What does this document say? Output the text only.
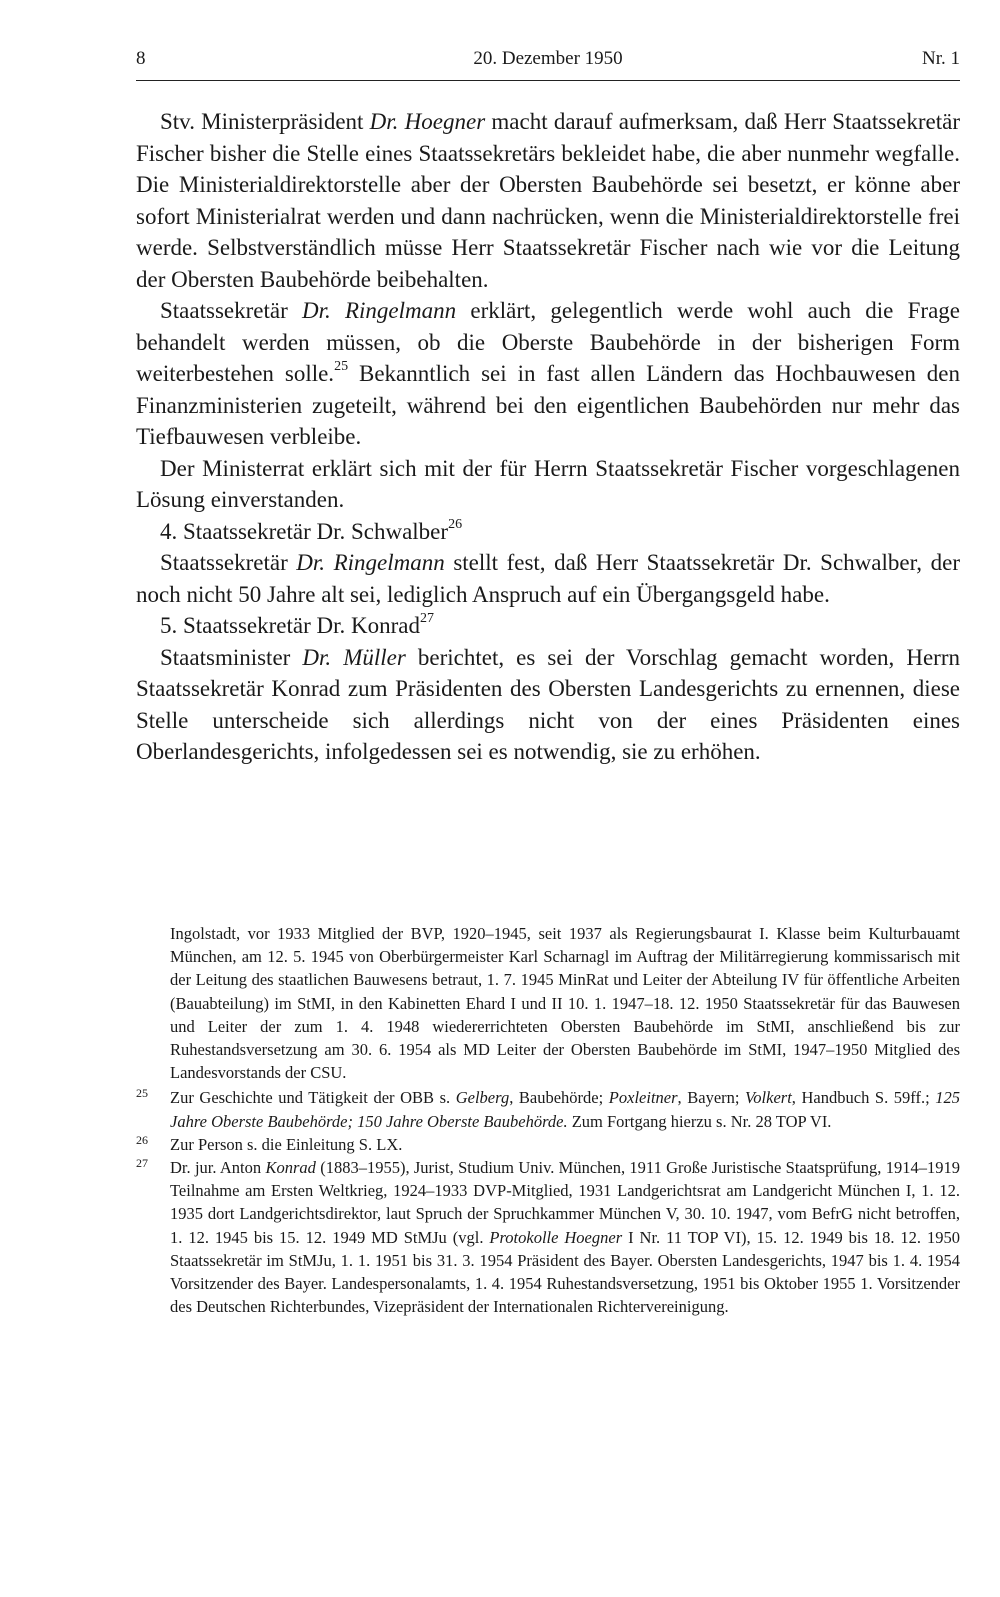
8	20. Dezember 1950	Nr. 1

Stv. Ministerpräsident Dr. Hoegner macht darauf aufmerksam, daß Herr Staatssekretär Fischer bisher die Stelle eines Staatssekretärs bekleidet habe, die aber nunmehr wegfalle. Die Ministerialdirektorstelle aber der Obersten Baubehörde sei besetzt, er könne aber sofort Ministerialrat werden und dann nachrücken, wenn die Ministerialdirektorstelle frei werde. Selbstverständlich müsse Herr Staatssekretär Fischer nach wie vor die Leitung der Obersten Baubehörde beibehalten.

Staatssekretär Dr. Ringelmann erklärt, gelegentlich werde wohl auch die Frage behandelt werden müssen, ob die Oberste Baubehörde in der bisherigen Form weiterbestehen solle.$^{25}$ Bekanntlich sei in fast allen Ländern das Hochbauwesen den Finanzministerien zugeteilt, während bei den eigentlichen Baubehörden nur mehr das Tiefbauwesen verbleibe.

Der Ministerrat erklärt sich mit der für Herrn Staatssekretär Fischer vorgeschlagenen Lösung einverstanden.

4. Staatssekretär Dr. Schwalber$^{26}$

Staatssekretär Dr. Ringelmann stellt fest, daß Herr Staatssekretär Dr. Schwalber, der noch nicht 50 Jahre alt sei, lediglich Anspruch auf ein Übergangsgeld habe.

5. Staatssekretär Dr. Konrad$^{27}$

Staatsminister Dr. Müller berichtet, es sei der Vorschlag gemacht worden, Herrn Staatssekretär Konrad zum Präsidenten des Obersten Landesgerichts zu ernennen, diese Stelle unterscheide sich allerdings nicht von der eines Präsidenten eines Oberlandesgerichts, infolgedessen sei es notwendig, sie zu erhöhen.

Ingolstadt, vor 1933 Mitglied der BVP, 1920–1945, seit 1937 als Regierungsbaurat I. Klasse beim Kulturbauamt München, am 12. 5. 1945 von Oberbürgermeister Karl Scharnagl im Auftrag der Militärregierung kommissarisch mit der Leitung des staatlichen Bauwesens betraut, 1. 7. 1945 MinRat und Leiter der Abteilung IV für öffentliche Arbeiten (Bauabteilung) im StMI, in den Kabinetten Ehard I und II 10. 1. 1947–18. 12. 1950 Staatssekretär für das Bauwesen und Leiter der zum 1. 4. 1948 wiedererrichteten Obersten Baubehörde im StMI, anschließend bis zur Ruhestandsversetzung am 30. 6. 1954 als MD Leiter der Obersten Baubehörde im StMI, 1947–1950 Mitglied des Landesvorstands der CSU.

25 Zur Geschichte und Tätigkeit der OBB s. Gelberg, Baubehörde; Poxleitner, Bayern; Volkert, Handbuch S. 59ff.; 125 Jahre Oberste Baubehörde; 150 Jahre Oberste Baubehörde. Zum Fortgang hierzu s. Nr. 28 TOP VI.

26 Zur Person s. die Einleitung S. LX.

27 Dr. jur. Anton Konrad (1883–1955), Jurist, Studium Univ. München, 1911 Große Juristische Staatsprüfung, 1914–1919 Teilnahme am Ersten Weltkrieg, 1924–1933 DVP-Mitglied, 1931 Landgerichtsrat am Landgericht München I, 1. 12. 1935 dort Landgerichtsdirektor, laut Spruch der Spruchkammer München V, 30. 10. 1947, vom BefrG nicht betroffen, 1. 12. 1945 bis 15. 12. 1949 MD StMJu (vgl. Protokolle Hoegner I Nr. 11 TOP VI), 15. 12. 1949 bis 18. 12. 1950 Staatssekretär im StMJu, 1. 1. 1951 bis 31. 3. 1954 Präsident des Bayer. Obersten Landesgerichts, 1947 bis 1. 4. 1954 Vorsitzender des Bayer. Landespersonalamts, 1. 4. 1954 Ruhestandsversetzung, 1951 bis Oktober 1955 1. Vorsitzender des Deutschen Richterbundes, Vizepräsident der Internationalen Richtervereinigung.
